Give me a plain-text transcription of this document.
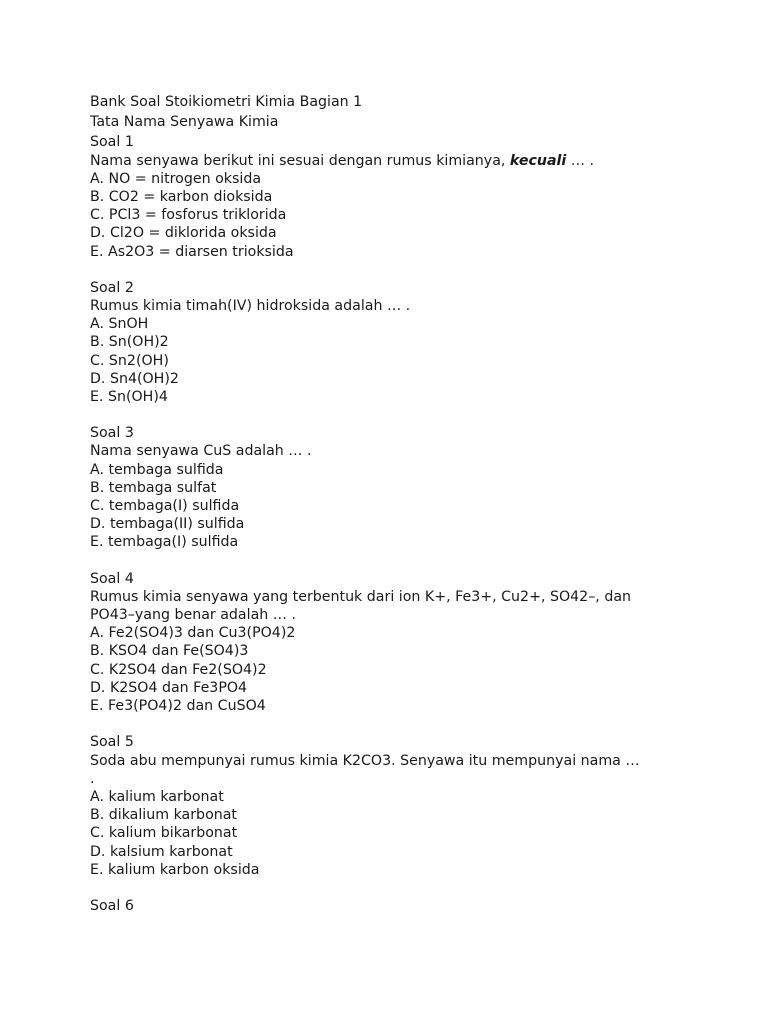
Bank Soal Stoikiometri Kimia Bagian 1
Tata Nama Senyawa Kimia
Soal 1
Nama senyawa berikut ini sesuai dengan rumus kimianya, kecuali … .
A. NO = nitrogen oksida
B. CO2 = karbon dioksida
C. PCl3 = fosforus triklorida
D. Cl2O = diklorida oksida
E. As2O3 = diarsen trioksida
Soal 2
Rumus kimia timah(IV) hidroksida adalah … .
A. SnOH
B. Sn(OH)2
C. Sn2(OH)
D. Sn4(OH)2
E. Sn(OH)4
Soal 3
Nama senyawa CuS adalah … .
A. tembaga sulfida
B. tembaga sulfat
C. tembaga(I) sulfida
D. tembaga(II) sulfida
E. tembaga(I) sulfida
Soal 4
Rumus kimia senyawa yang terbentuk dari ion K+, Fe3+, Cu2+, SO42–, dan
PO43–yang benar adalah … .
A. Fe2(SO4)3 dan Cu3(PO4)2
B. KSO4 dan Fe(SO4)3
C. K2SO4 dan Fe2(SO4)2
D. K2SO4 dan Fe3PO4
E. Fe3(PO4)2 dan CuSO4
Soal 5
Soda abu mempunyai rumus kimia K2CO3. Senyawa itu mempunyai nama …
.
A. kalium karbonat
B. dikalium karbonat
C. kalium bikarbonat
D. kalsium karbonat
E. kalium karbon oksida
Soal 6
